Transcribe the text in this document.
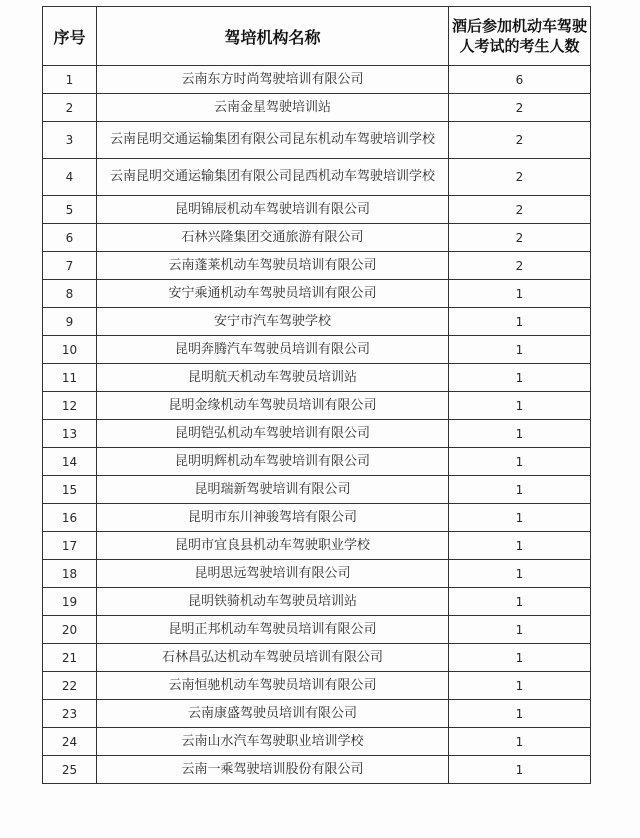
序号	驾培机构名称	酒后参加机动车驾驶
人考试的考生人数
1	云南东方时尚驾驶培训有限公司	6
2	云南金星驾驶培训站	2
3	云南昆明交通运输集团有限公司昆东机动车驾驶培训学校	2
4	云南昆明交通运输集团有限公司昆西机动车驾驶培训学校	2
5	昆明锦辰机动车驾驶培训有限公司	2
6	石林兴隆集团交通旅游有限公司	2
7	云南蓬莱机动车驾驶员培训有限公司	2
8	安宁乘通机动车驾驶员培训有限公司	1
9	安宁市汽车驾驶学校	1
10	昆明奔腾汽车驾驶员培训有限公司	1
11	昆明航天机动车驾驶员培训站	1
12	昆明金缘机动车驾驶员培训有限公司	1
13	昆明铠弘机动车驾驶培训有限公司	1
14	昆明明辉机动车驾驶培训有限公司	1
15	昆明瑞新驾驶培训有限公司	1
16	昆明市东川神骏驾培有限公司	1
17	昆明市宜良县机动车驾驶职业学校	1
18	昆明思远驾驶培训有限公司	1
19	昆明铁骑机动车驾驶员培训站	1
20	昆明正邦机动车驾驶员培训有限公司	1
21	石林昌弘达机动车驾驶员培训有限公司	1
22	云南恒驰机动车驾驶员培训有限公司	1
23	云南康盛驾驶员培训有限公司	1
24	云南山水汽车驾驶职业培训学校	1
25	云南一乘驾驶培训股份有限公司	1
